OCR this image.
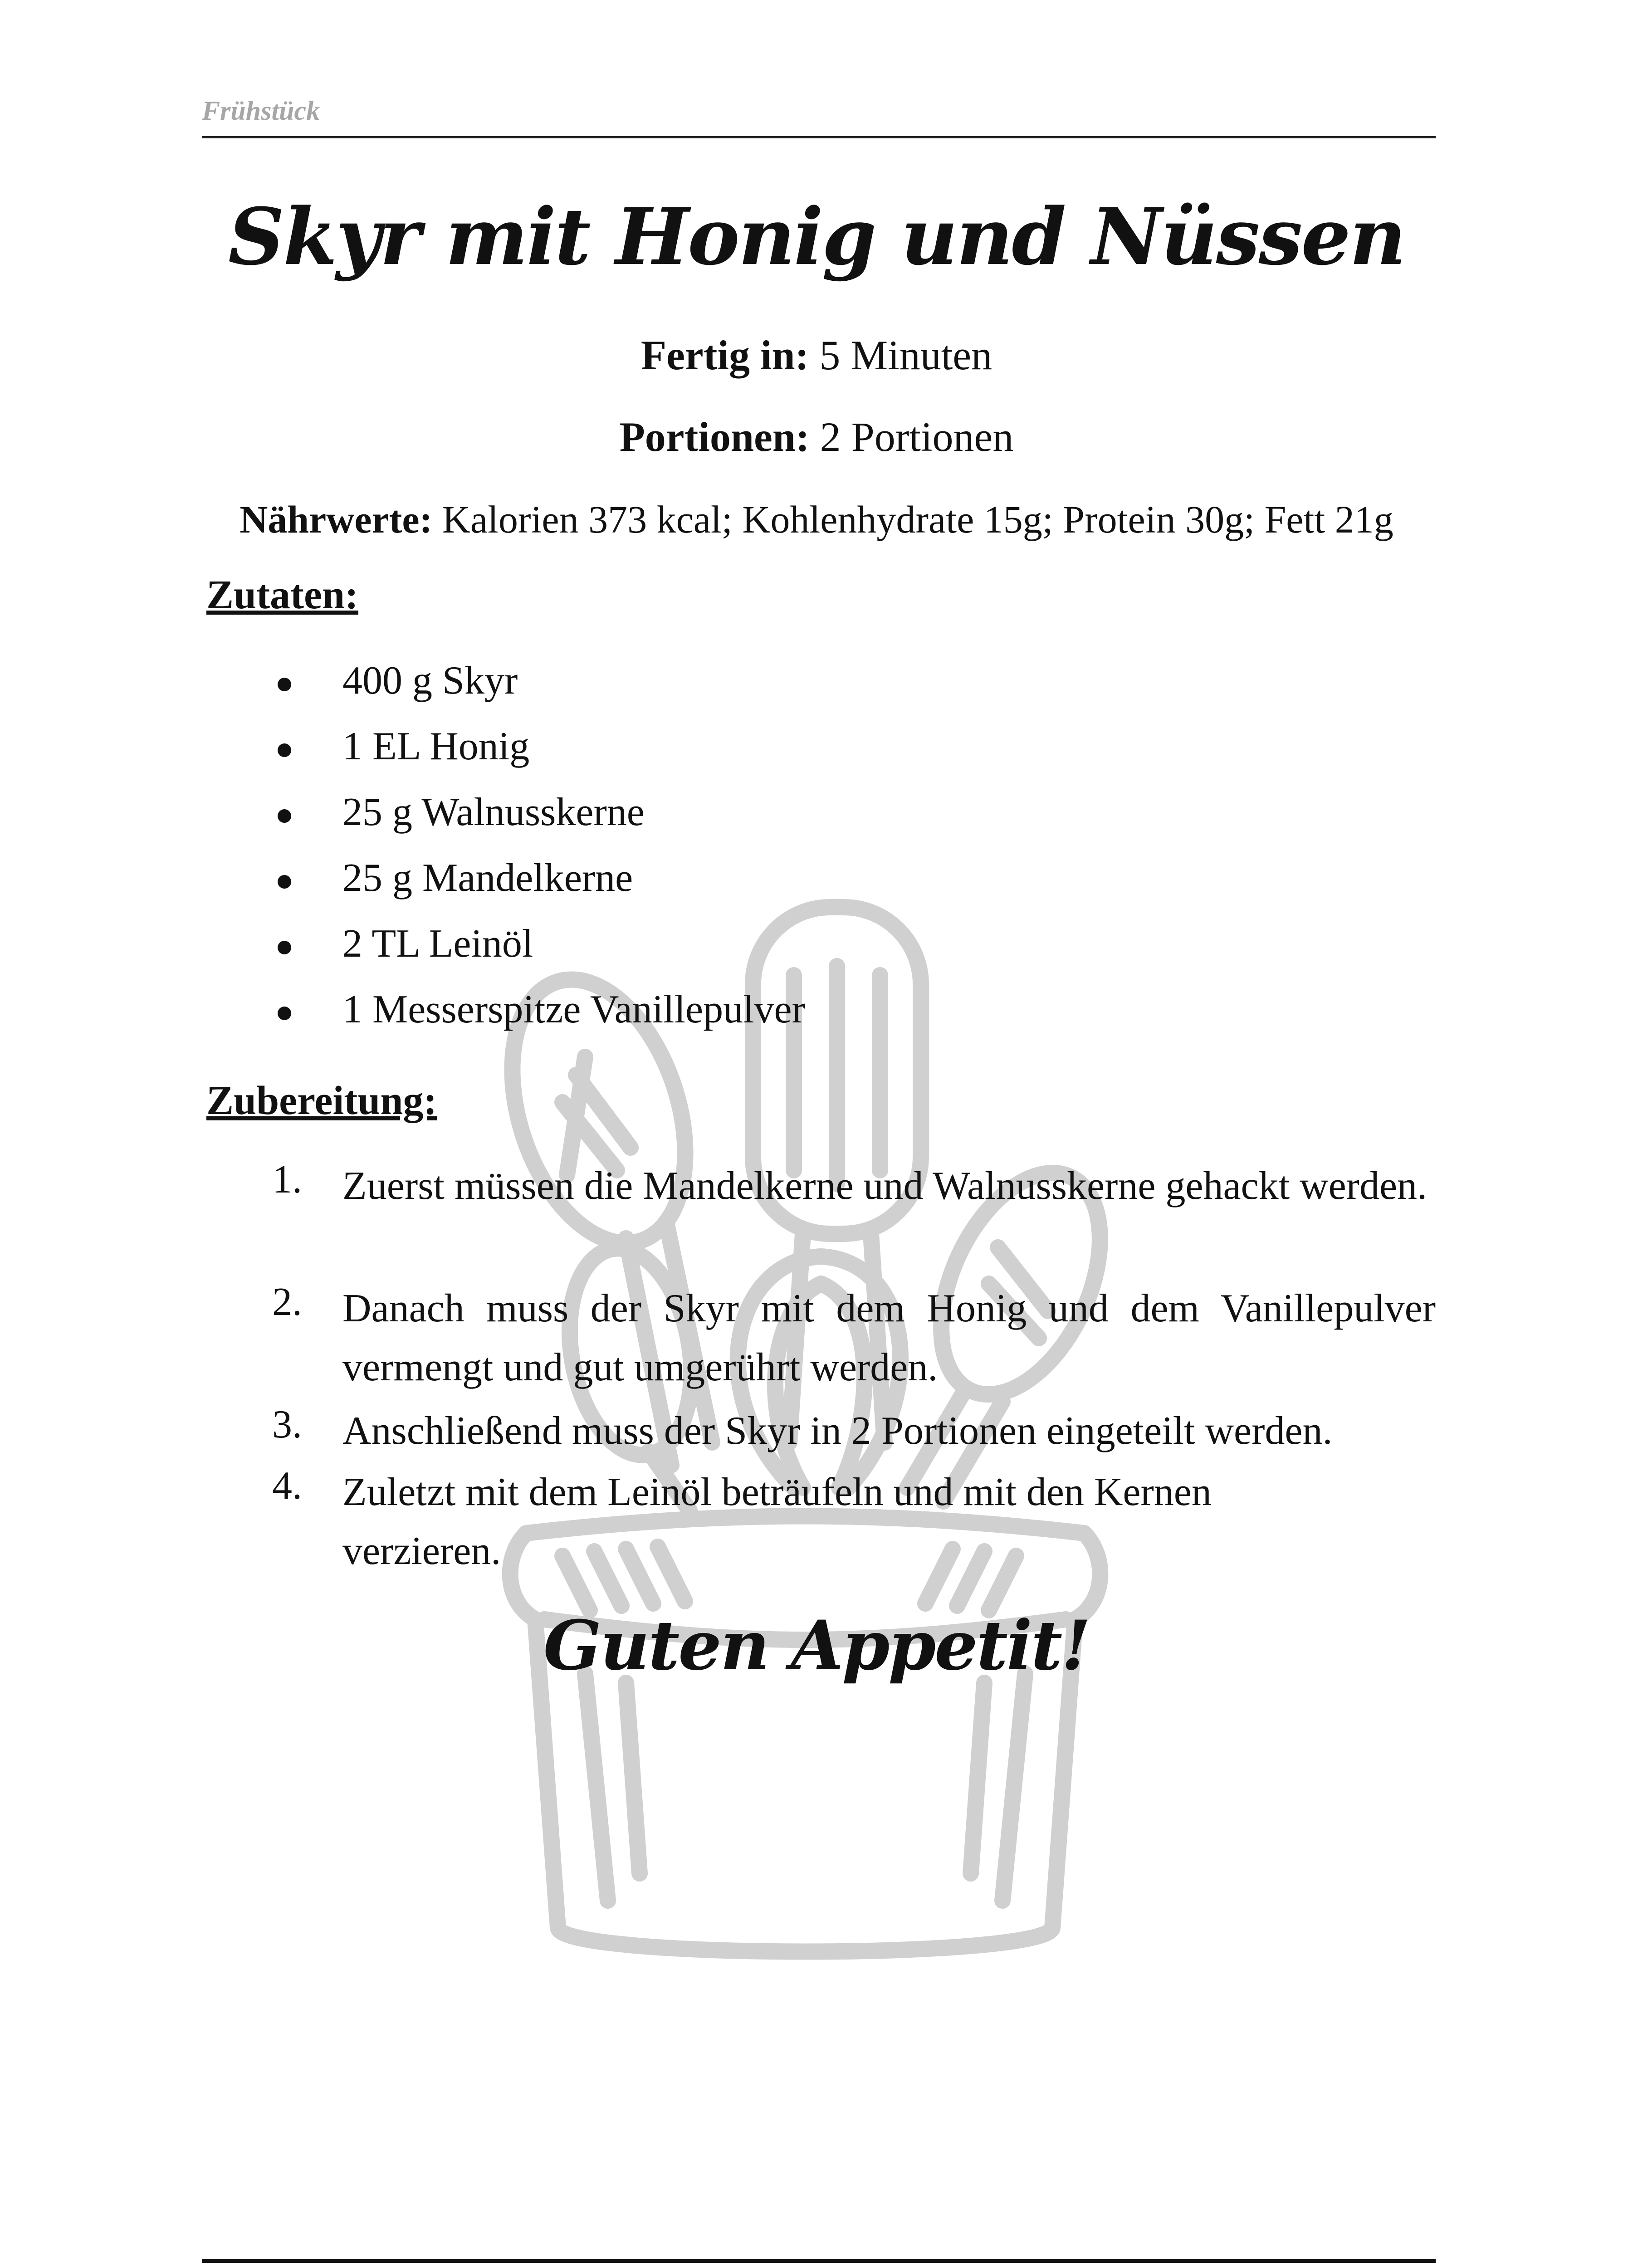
Frühstück
Skyr mit Honig und Nüssen
Fertig in: 5 Minuten
Portionen: 2 Portionen
Nährwerte: Kalorien 373 kcal; Kohlenhydrate 15g; Protein 30g; Fett 21g
Zutaten:
400 g Skyr
1 EL Honig
25 g Walnusskerne
25 g Mandelkerne
2 TL Leinöl
1 Messerspitze Vanillepulver
Zubereitung:
1. Zuerst müssen die Mandelkerne und Walnusskerne gehackt werden.
2. Danach muss der Skyr mit dem Honig und dem Vanillepulver vermengt und gut umgerührt werden.
3. Anschließend muss der Skyr in 2 Portionen eingeteilt werden.
4. Zuletzt mit dem Leinöl beträufeln und mit den Kernen verzieren.
Guten Appetit!
